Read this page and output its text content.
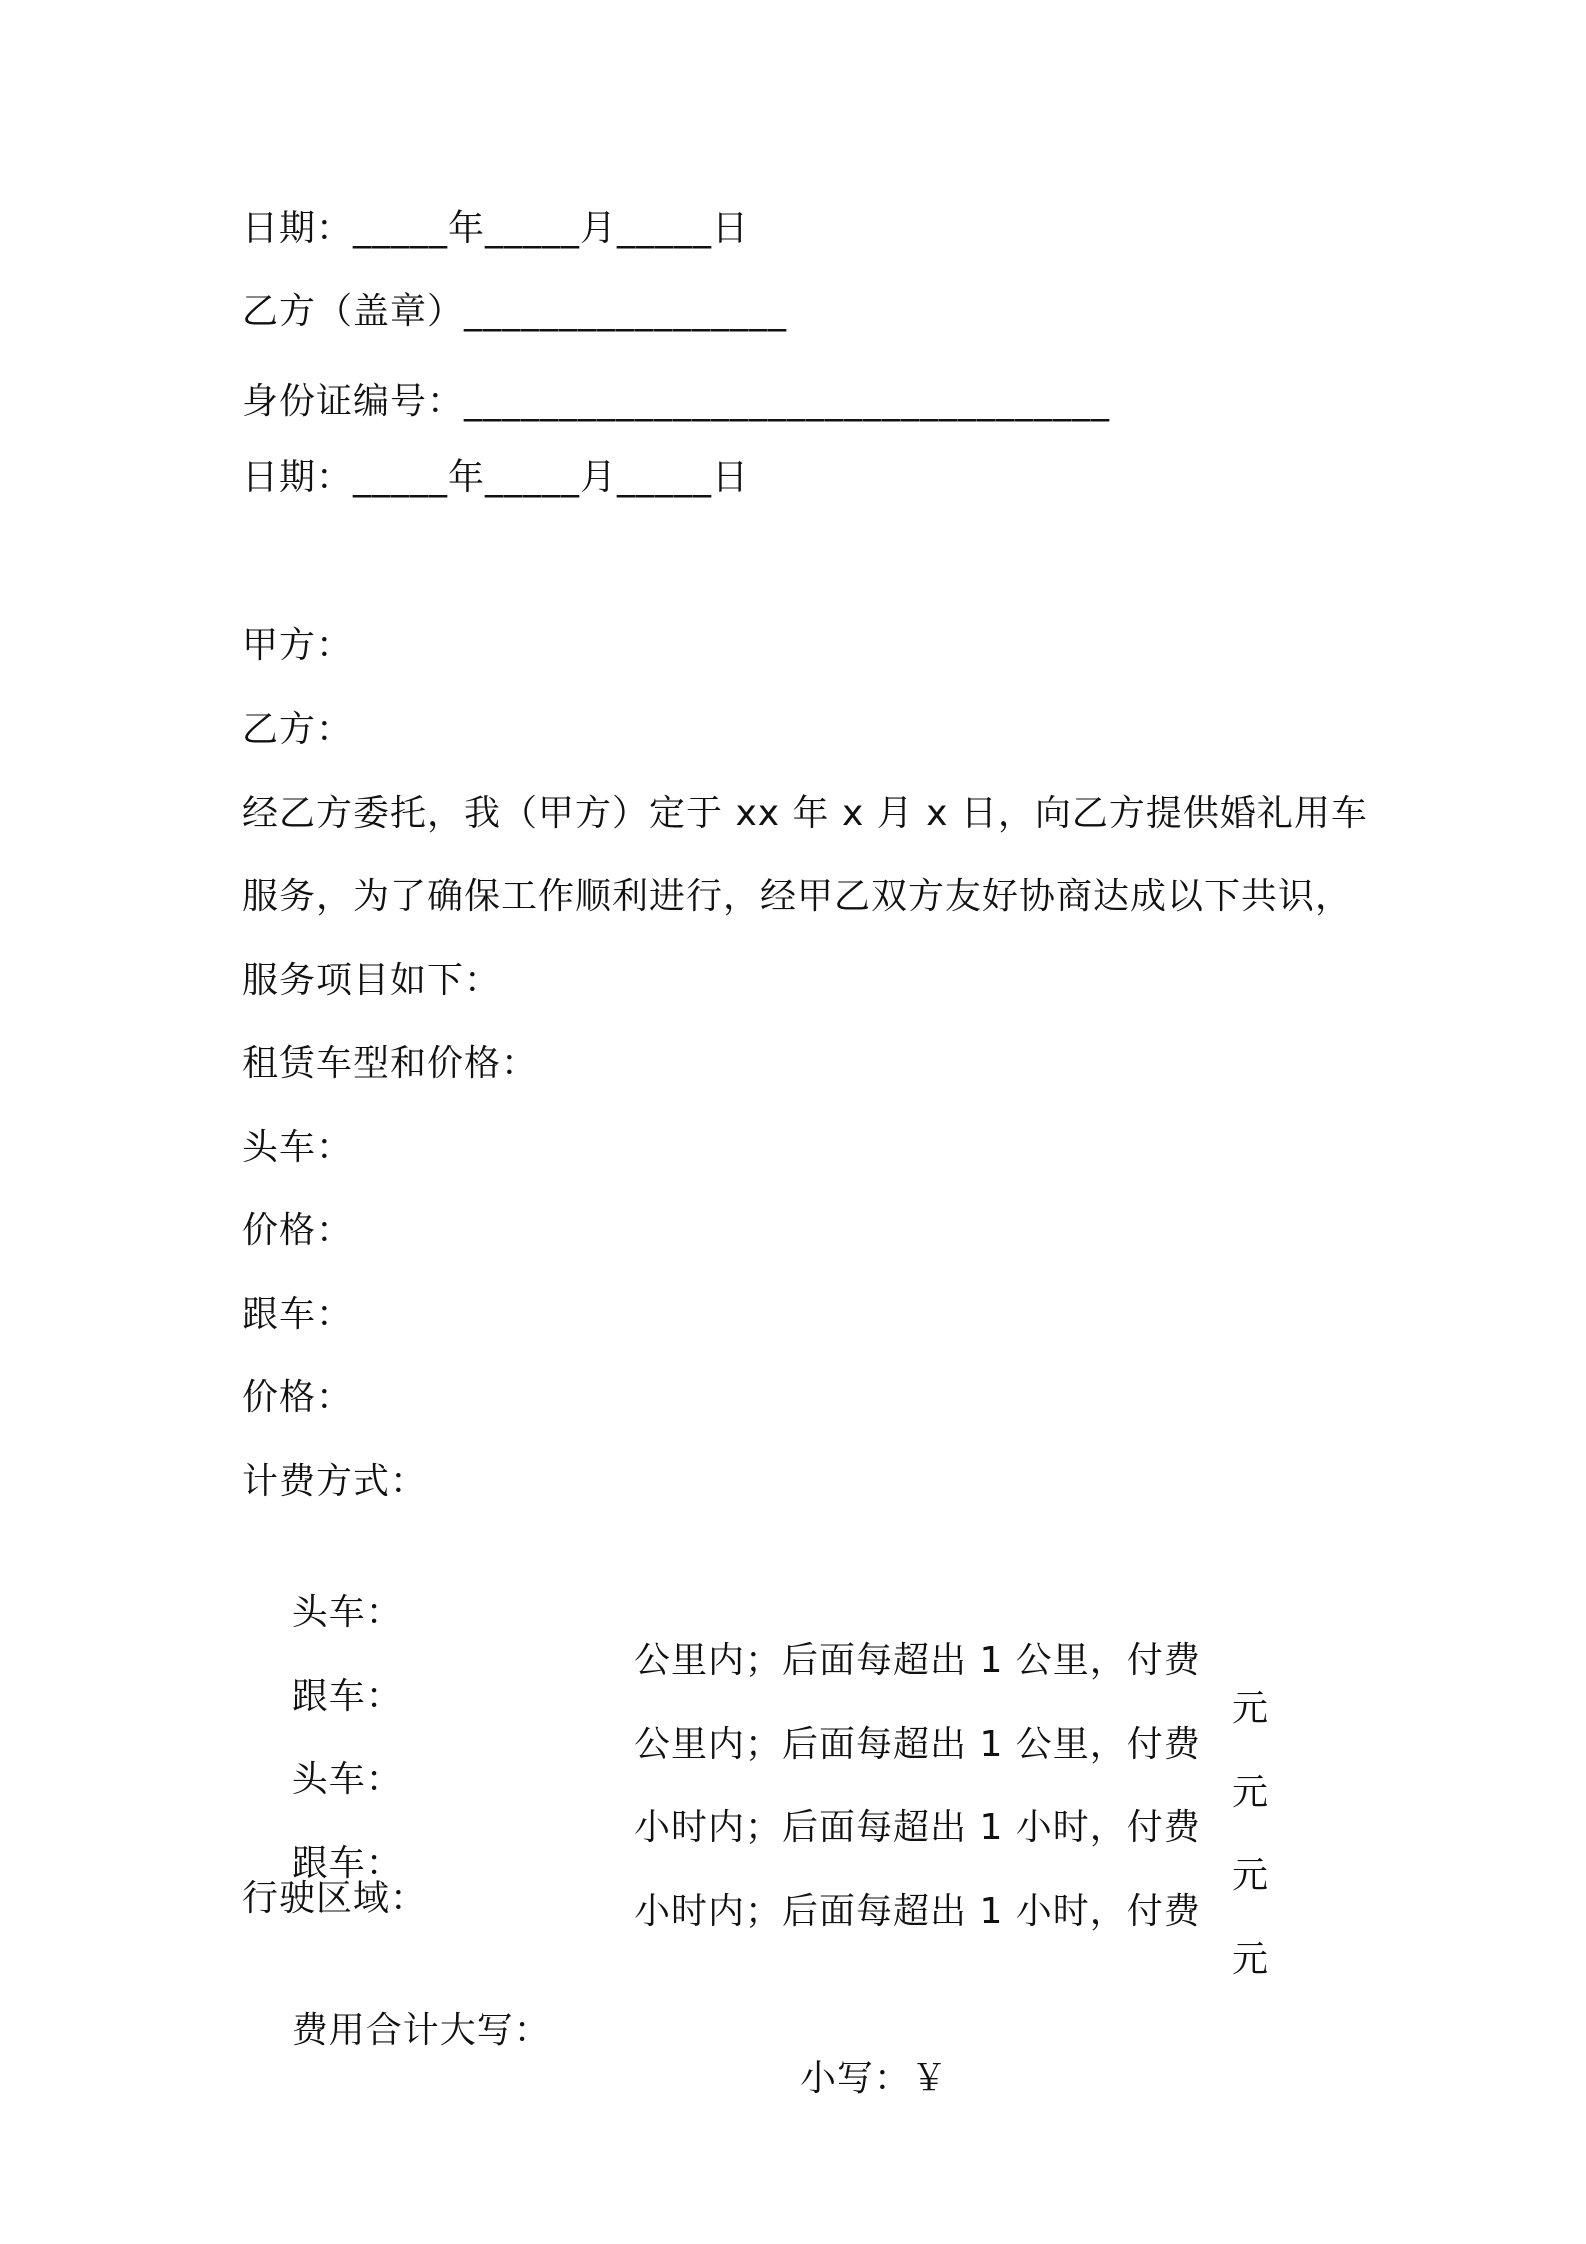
日期：_____年_____月_____日
乙方（盖章）_________________
身份证编号：__________________________________
日期：_____年_____月_____日
甲方：
乙方：
经乙方委托，我（甲方）定于 xx 年 x 月 x 日，向乙方提供婚礼用车
服务，为了确保工作顺利进行，经甲乙双方友好协商达成以下共识，
服务项目如下：
租赁车型和价格：
头车：
价格：
跟车：
价格：
计费方式：

头车：

公里内；后面每超出 1 公里，付费

元

跟车：

公里内；后面每超出 1 公里，付费

元

头车：

小时内；后面每超出 1 小时，付费

元

跟车：

小时内；后面每超出 1 小时，付费

元

行驶区域：

费用合计大写：

小写：￥
